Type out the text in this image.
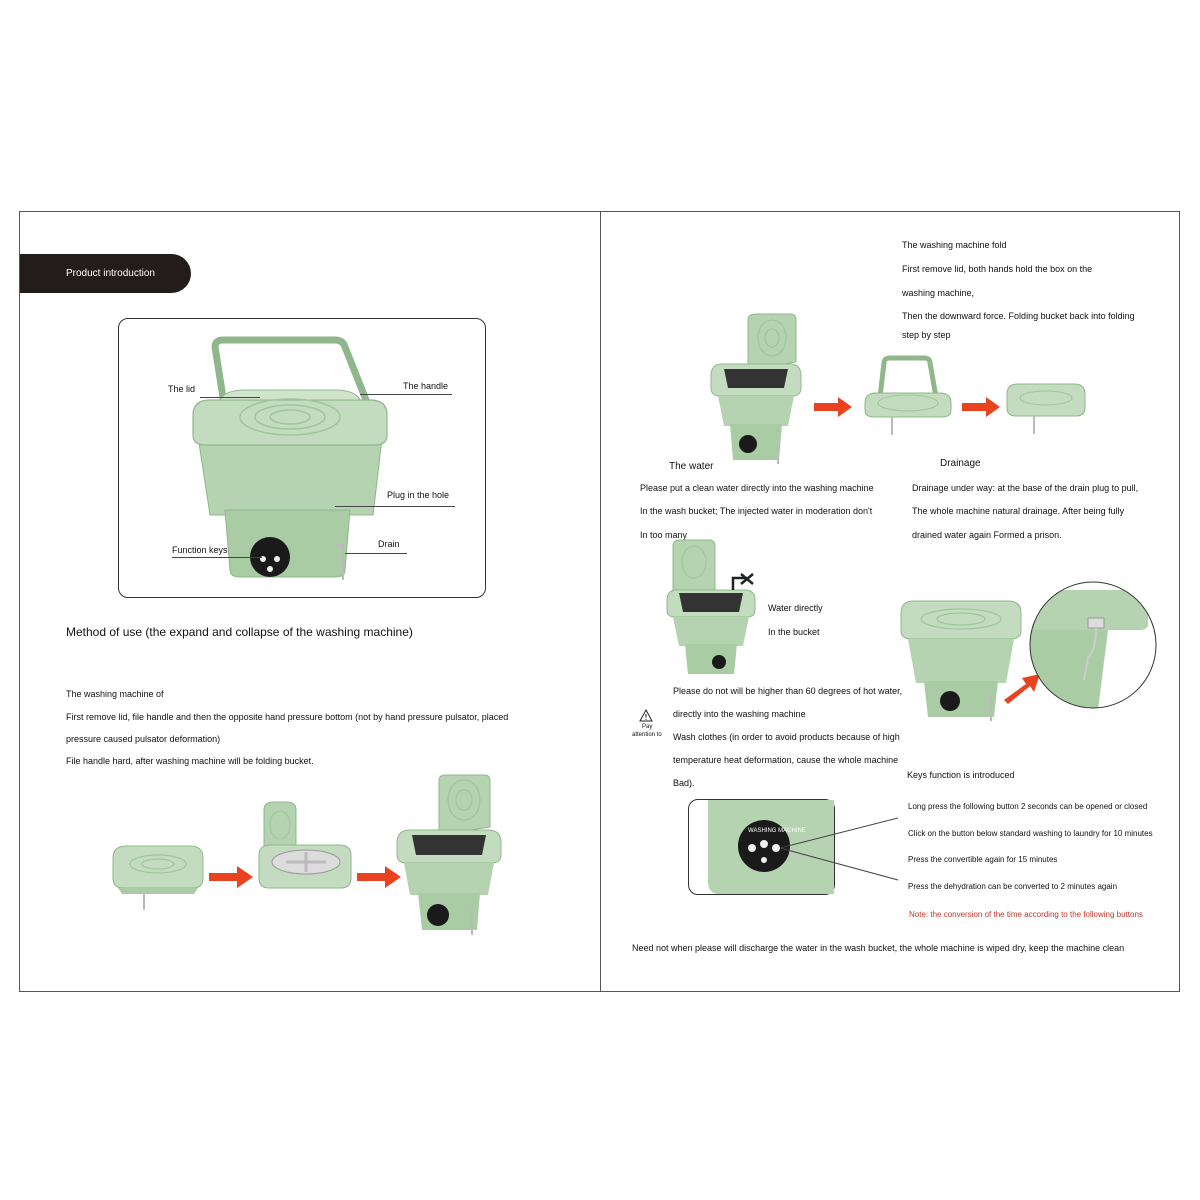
Product introduction
The lid	The handle
Plug in the hole
Function keys
Drain
Method of use (the expand and collapse of the washing machine)
The washing machine of
First remove lid, file handle and then the opposite hand pressure bottom (not by hand pressure pulsator, placed
pressure caused pulsator deformation)
File handle hard, after washing machine will be folding bucket.
The washing machine fold
First remove lid, both hands hold the box on the
washing machine,
Then the downward force. Folding bucket back into folding
step by step
The water
Please put a clean water directly into the washing machine
In the wash bucket; The injected water in moderation don't
In too many
Drainage
Drainage under way: at the base of the drain plug to pull,
The whole machine natural drainage. After being fully
drained water again Formed a prison.
Water directly
In the bucket
Pay
attention to
Please do not will be higher than 60 degrees of hot water,
directly into the washing machine
Wash clothes (in order to avoid products because of high
temperature heat deformation, cause the whole machine
Bad).
Keys function is introduced
WASHING MACHINE
Long press the following button 2 seconds can be opened or closed
Click on the button below standard washing to laundry for 10 minutes
Press the convertible again for 15 minutes
Press the dehydration can be converted to 2 minutes again
Note: the conversion of the time according to the following buttons
Need not when please will discharge the water in the wash bucket, the whole machine is wiped dry, keep the machine clean
